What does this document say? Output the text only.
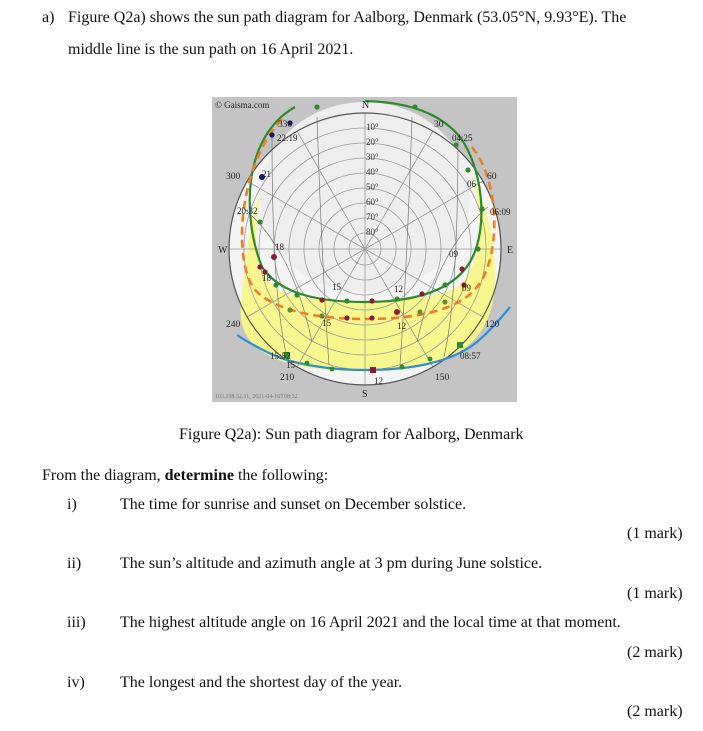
a) Figure Q2a) shows the sun path diagram for Aalborg, Denmark (53.05°N, 9.93°E). The
middle line is the sun path on 16 April 2021.
N
S
E
W
10°
20°
30°
40°
50°
60°
70°
80°
30
60
120
150
210
240
300
330
04:25
06:09
08:57
20:32
22:19
15:52
21
18
18
15
15
15
12
12
12
09
09
06
© Gaisma.com
103.198.52.11, 2021-04-16T08:52
Figure Q2a): Sun path diagram for Aalborg, Denmark
From the diagram, determine the following:
i)	The time for sunrise and sunset on December solstice.
(1 mark)
ii) The sun’s altitude and azimuth angle at 3 pm during June solstice.
(1 mark)
iii) The highest altitude angle on 16 April 2021 and the local time at that moment.
(2 mark)
iv) The longest and the shortest day of the year.
(2 mark)
